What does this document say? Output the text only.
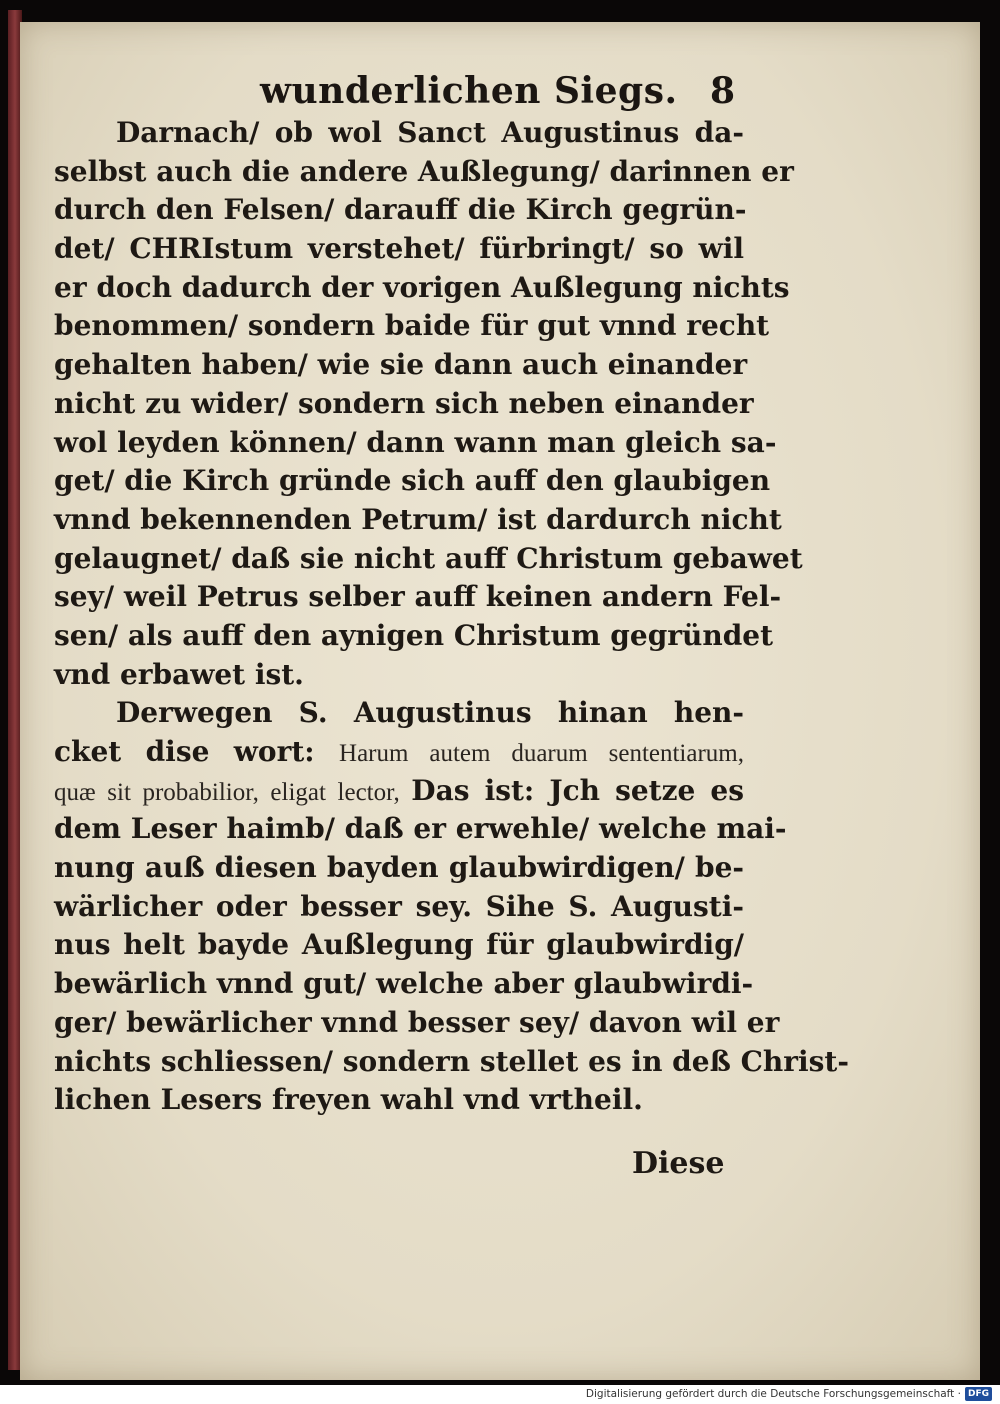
wunderlichen Siegs. 8
Darnach/ ob wol Sanct Augustinus da-
selbst auch die andere Außlegung/ darinnen er
durch den Felsen/ darauff die Kirch gegrün-
det/ CHRIstum verstehet/ fürbringt/ so wil
er doch dadurch der vorigen Außlegung nichts
benommen/ sondern baide für gut vnnd recht
gehalten haben/ wie sie dann auch einander
nicht zu wider/ sondern sich neben einander
wol leyden können/ dann wann man gleich sa-
get/ die Kirch gründe sich auff den glaubigen
vnnd bekennenden Petrum/ ist dardurch nicht
gelaugnet/ daß sie nicht auff Christum gebawet
sey/ weil Petrus selber auff keinen andern Fel-
sen/ als auff den aynigen Christum gegründet
vnd erbawet ist.
Derwegen S. Augustinus hinan hen-
cket dise wort: Harum autem duarum sententiarum,
quæ sit probabilior, eligat lector, Das ist: Jch setze es
dem Leser haimb/ daß er erwehle/ welche mai-
nung auß diesen bayden glaubwirdigen/ be-
wärlicher oder besser sey. Sihe S. Augusti-
nus helt bayde Außlegung für glaubwirdig/
bewärlich vnnd gut/ welche aber glaubwirdi-
ger/ bewärlicher vnnd besser sey/ davon wil er
nichts schliessen/ sondern stellet es in deß Christ-
lichen Lesers freyen wahl vnd vrtheil.
Diese
Digitalisierung gefördert durch die Deutsche Forschungsgemeinschaft · DFG
